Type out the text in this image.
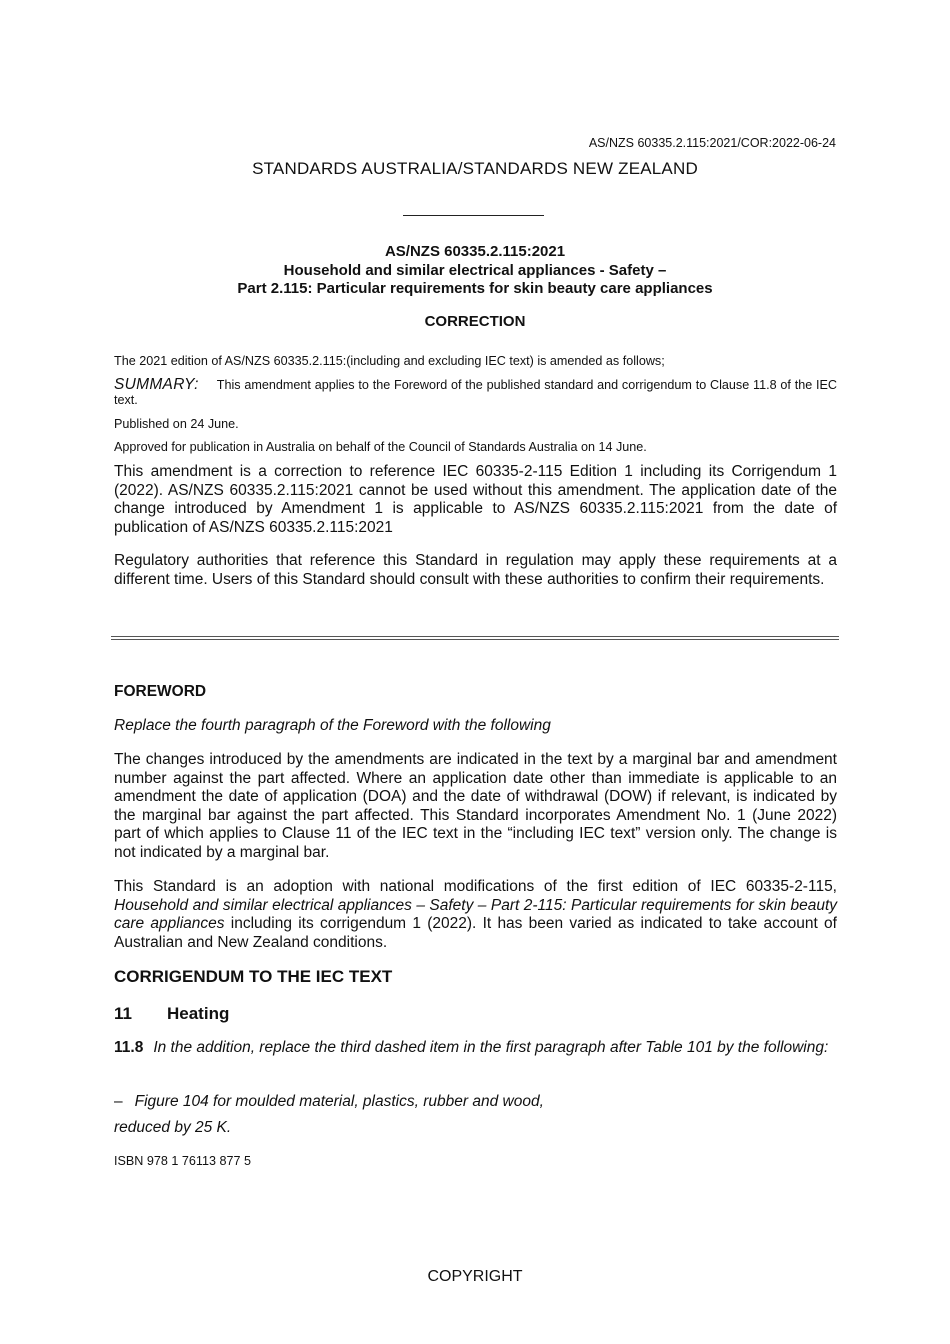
AS/NZS 60335.2.115:2021/COR:2022-06-24
STANDARDS AUSTRALIA/STANDARDS NEW ZEALAND
AS/NZS 60335.2.115:2021
Household and similar electrical appliances - Safety –
Part 2.115: Particular requirements for skin beauty care appliances
CORRECTION
The 2021 edition of AS/NZS 60335.2.115:(including and excluding IEC text) is amended as follows;
SUMMARY: This amendment applies to the Foreword of the published standard and corrigendum to Clause 11.8 of the IEC text.
Published on 24 June.
Approved for publication in Australia on behalf of the Council of Standards Australia on 14 June.
This amendment is a correction to reference IEC 60335-2-115 Edition 1 including its Corrigendum 1 (2022). AS/NZS 60335.2.115:2021 cannot be used without this amendment. The application date of the change introduced by Amendment 1 is applicable to AS/NZS 60335.2.115:2021 from the date of publication of AS/NZS 60335.2.115:2021
Regulatory authorities that reference this Standard in regulation may apply these requirements at a different time. Users of this Standard should consult with these authorities to confirm their requirements.
FOREWORD
Replace the fourth paragraph of the Foreword with the following
The changes introduced by the amendments are indicated in the text by a marginal bar and amendment number against the part affected. Where an application date other than immediate is applicable to an amendment the date of application (DOA) and the date of withdrawal (DOW) if relevant, is indicated by the marginal bar against the part affected. This Standard incorporates Amendment No. 1 (June 2022) part of which applies to Clause 11 of the IEC text in the “including IEC text” version only. The change is not indicated by a marginal bar.
This Standard is an adoption with national modifications of the first edition of IEC 60335-2-115, Household and similar electrical appliances – Safety – Part 2-115: Particular requirements for skin beauty care appliances including its corrigendum 1 (2022). It has been varied as indicated to take account of Australian and New Zealand conditions.
CORRIGENDUM TO THE IEC TEXT
11 Heating
11.8 In the addition, replace the third dashed item in the first paragraph after Table 101 by the following:
– Figure 104 for moulded material, plastics, rubber and wood,
reduced by 25 K.
ISBN 978 1 76113 877 5
COPYRIGHT
